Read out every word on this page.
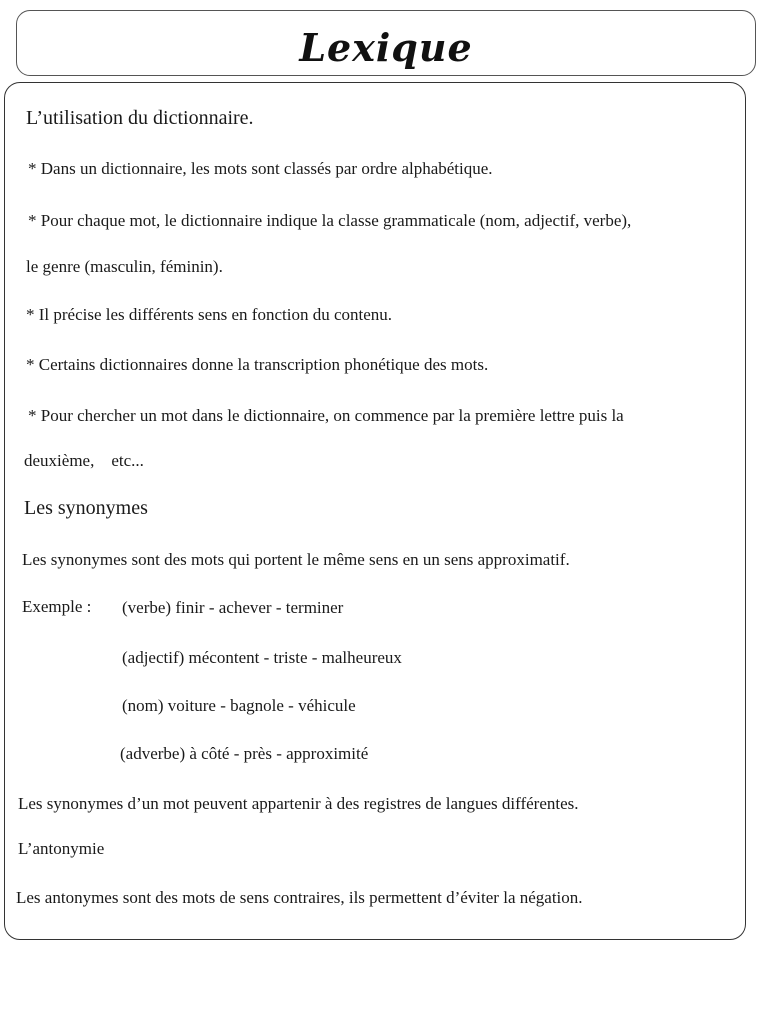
Lexique
L’utilisation du dictionnaire.
* Dans un dictionnaire, les mots sont classés par ordre alphabétique.
* Pour chaque mot, le dictionnaire indique la classe grammaticale (nom, adjectif, verbe),
le genre (masculin, féminin).
* Il précise les différents sens en fonction du contenu.
* Certains dictionnaires donne la transcription phonétique des mots.
* Pour chercher un mot dans le dictionnaire, on commence par la première lettre puis la
deuxième,    etc...
Les synonymes
Les synonymes sont des mots qui portent le même sens en un sens approximatif.
Exemple : (verbe) finir - achever - terminer
(adjectif) mécontent - triste - malheureux
(nom) voiture - bagnole - véhicule
(adverbe) à côté - près - approximité
Les synonymes d’un mot peuvent appartenir à des registres de langues différentes.
L’antonymie
Les antonymes sont des mots de sens contraires, ils permettent d’éviter la négation.
